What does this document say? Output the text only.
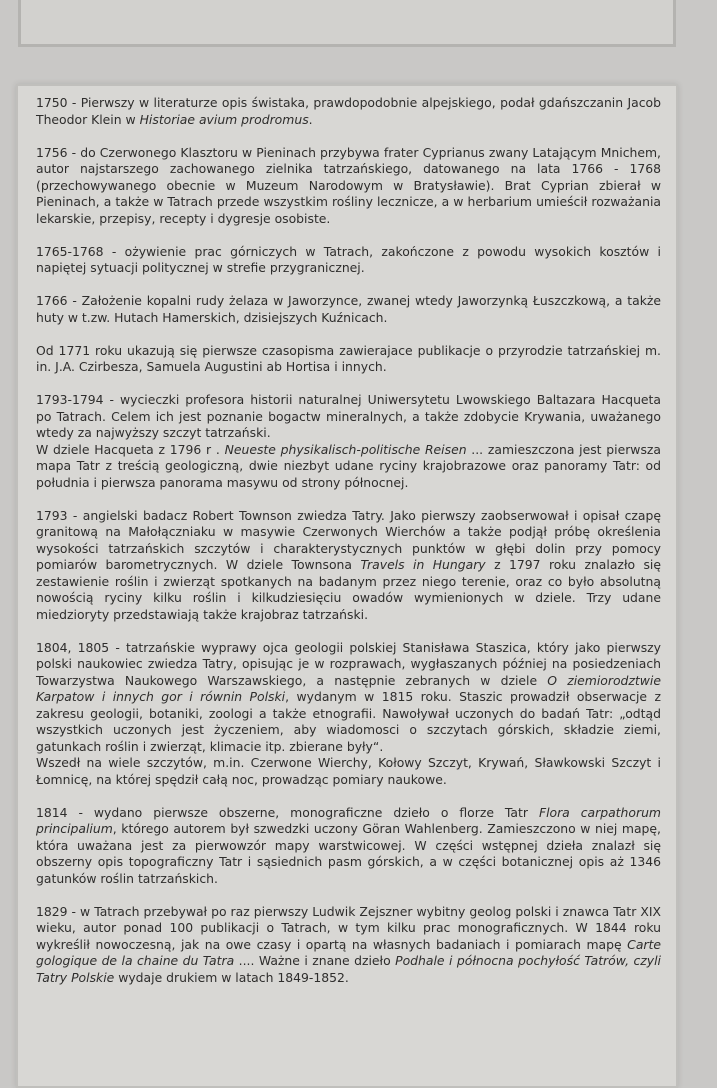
1750 - Pierwszy w literaturze opis świstaka, prawdopodobnie alpejskiego, podał gdańszczanin Jacob Theodor Klein w Historiae avium prodromus.

1756 - do Czerwonego Klasztoru w Pieninach przybywa frater Cyprianus zwany Latającym Mnichem, autor najstarszego zachowanego zielnika tatrzańskiego, datowanego na lata 1766 - 1768 (przechowywanego obecnie w Muzeum Narodowym w Bratysławie). Brat Cyprian zbierał w Pieninach, a także w Tatrach przede wszystkim rośliny lecznicze, a w herbarium umieścił rozważania lekarskie, przepisy, recepty i dygresje osobiste.

1765-1768 - ożywienie prac górniczych w Tatrach, zakończone z powodu wysokich kosztów i napiętej sytuacji politycznej w strefie przygranicznej.

1766 - Założenie kopalni rudy żelaza w Jaworzynce, zwanej wtedy Jaworzynką Łuszczkową, a także huty w t.zw. Hutach Hamerskich, dzisiejszych Kuźnicach.

Od 1771 roku ukazują się pierwsze czasopisma zawierajace publikacje o przyrodzie tatrzańskiej m. in. J.A. Czirbesza, Samuela Augustini ab Hortisa i innych.

1793-1794 - wycieczki profesora historii naturalnej Uniwersytetu Lwowskiego Baltazara Hacqueta po Tatrach. Celem ich jest poznanie bogactw mineralnych, a także zdobycie Krywania, uważanego wtedy za najwyższy szczyt tatrzański.
W dziele Hacqueta z 1796 r . Neueste physikalisch-politische Reisen ... zamieszczona jest pierwsza mapa Tatr z treścią geologiczną, dwie niezbyt udane ryciny krajobrazowe oraz panoramy Tatr: od południa i pierwsza panorama masywu od strony północnej.

1793 - angielski badacz Robert Townson zwiedza Tatry. Jako pierwszy zaobserwował i opisał czapę granitową na Małołączniaku w masywie Czerwonych Wierchów a także podjął próbę określenia wysokości tatrzańskich szczytów i charakterystycznych punktów w głębi dolin przy pomocy pomiarów barometrycznych. W dziele Townsona Travels in Hungary z 1797 roku znalazło się zestawienie roślin i zwierząt spotkanych na badanym przez niego terenie, oraz co było absolutną nowością ryciny kilku roślin i kilkudziesięciu owadów wymienionych w dziele. Trzy udane miedzioryty przedstawiają także krajobraz tatrzański.

1804, 1805 - tatrzańskie wyprawy ojca geologii polskiej Stanisława Staszica, który jako pierwszy polski naukowiec zwiedza Tatry, opisując je w rozprawach, wygłaszanych później na posiedzeniach Towarzystwa Naukowego Warszawskiego, a następnie zebranych w dziele O ziemiorodztwie Karpatow i innych gor i równin Polski, wydanym w 1815 roku. Staszic prowadził obserwacje z zakresu geologii, botaniki, zoologi a także etnografii. Nawoływał uczonych do badań Tatr: „odtąd wszystkich uczonych jest życzeniem, aby wiadomosci o szczytach górskich, składzie ziemi, gatunkach roślin i zwierząt, klimacie itp. zbierane były“.
Wszedł na wiele szczytów, m.in. Czerwone Wierchy, Kołowy Szczyt, Krywań, Sławkowski Szczyt i Łomnicę, na której spędził całą noc, prowadząc pomiary naukowe.

1814 - wydano pierwsze obszerne, monograficzne dzieło o florze Tatr Flora carpathorum principalium, którego autorem był szwedzki uczony Göran Wahlenberg. Zamieszczono w niej mapę, która uważana jest za pierwowzór mapy warstwicowej. W części wstępnej dzieła znalazł się obszerny opis topograficzny Tatr i sąsiednich pasm górskich, a w części botanicznej opis aż 1346 gatunków roślin tatrzańskich.

1829 - w Tatrach przebywał po raz pierwszy Ludwik Zejszner wybitny geolog polski i znawca Tatr XIX wieku, autor ponad 100 publikacji o Tatrach, w tym kilku prac monograficznych. W 1844 roku wykreślił nowoczesną, jak na owe czasy i opartą na własnych badaniach i pomiarach mapę Carte gologique de la chaine du Tatra .... Ważne i znane dzieło Podhale i północna pochyłość Tatrów, czyli Tatry Polskie wydaje drukiem w latach 1849-1852.
